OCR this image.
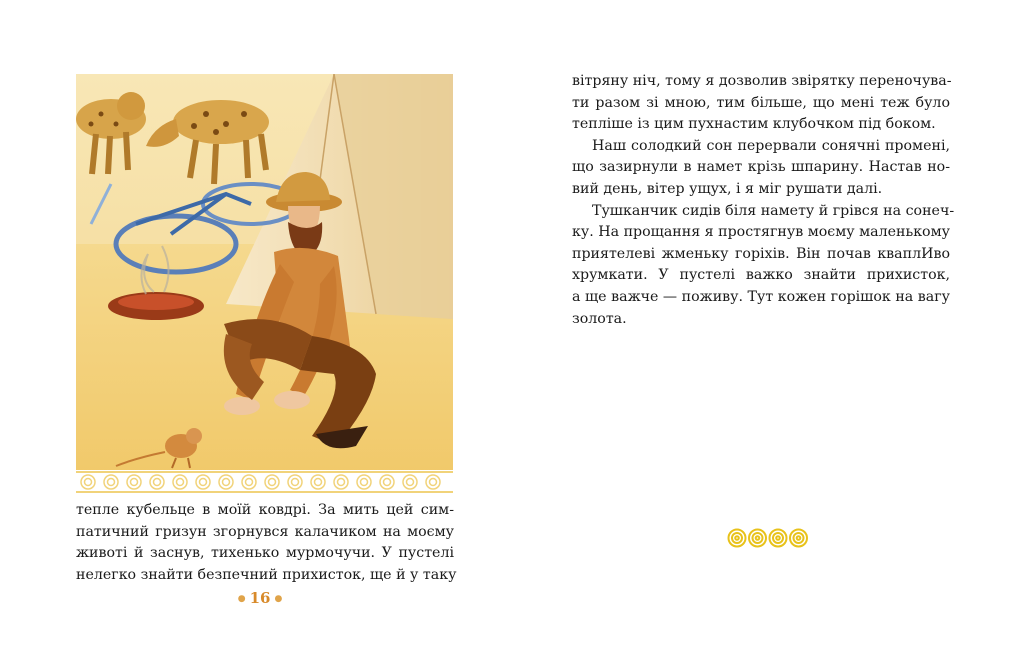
тепле кубельце в моїй ковдрі. За мить цей сим-
патичний гризун згорнувся калачиком на моєму
животі й заснув, тихенько мурмочучи. У пустелі
нелегко знайти безпечний прихисток, ще й у таку

● 16 ●

вітряну ніч, тому я дозволив звірятку переночува-
ти разом зі мною, тим більше, що мені теж було
тепліше із цим пухнастим клубочком під боком.

Наш солодкий сон перервали сонячні промені,
що зазирнули в намет крізь шпарину. Настав но-
вий день, вітер ущух, і я міг рушати далі.

Тушканчик сидів біля намету й грівся на сонеч-
ку. На прощання я простягнув моєму маленькому
приятелеві жменьку горіхів. Він почав кваплИво
хрумкати. У пустелі важко знайти прихисток,
а ще важче — поживу. Тут кожен горішок на вагу
золота.
